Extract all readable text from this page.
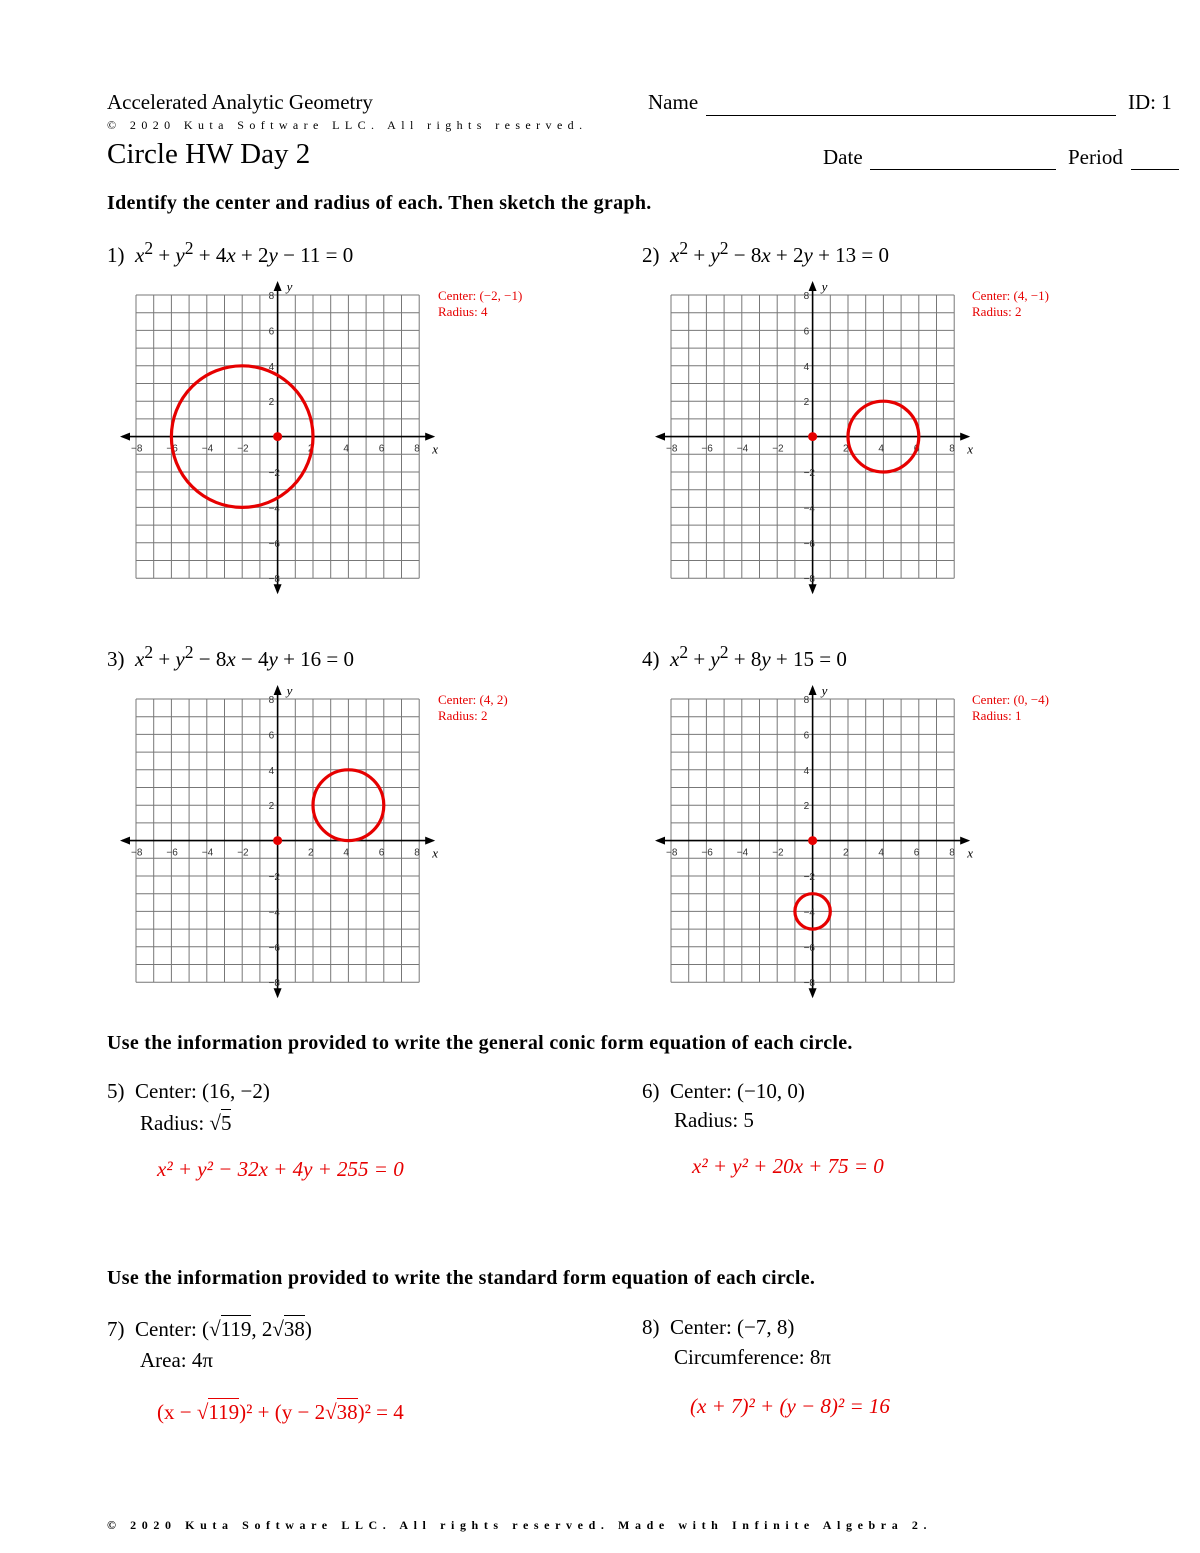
Accelerated Analytic Geometry
© 2020 Kuta Software LLC. All rights reserved.
Circle HW Day 2
Name	ID: 1
Date	Period
Identify the center and radius of each. Then sketch the graph.
1) $x^2 + y^2 + 4x + 2y - 11 = 0$	2) $x^2 + y^2 - 8x + 2y + 13 = 0$
3) $x^2 + y^2 - 8x - 4y + 16 = 0$	4) $x^2 + y^2 + 8y + 15 = 0$
Center: (−2, −1)
Radius: 4
Center: (4, −1)
Radius: 2
Center: (4, 2)
Radius: 2
Center: (0, −4)
Radius: 1
x
y
−8
−8
−6
−6
−4
−4
−2
−2
2
2
4
4
6
6
8
8
x
y
−8
−8
−6
−6
−4
−4
−2
−2
2
2
4
4
6
6
8
8
x
y
−8
−8
−6
−6
−4
−4
−2
−2
2
2
4
4
6
6
8
8
x
y
−8
−8
−6
−6
−4
−4
−2
−2
2
2
4
4
6
6
8
8
Use the information provided to write the general conic form equation of each circle.
5) Center: (16, −2)
Radius: √5
x² + y² − 32x + 4y + 255 = 0
6) Center: (−10, 0)
Radius: 5
x² + y² + 20x + 75 = 0
Use the information provided to write the standard form equation of each circle.
7) Center: (√119, 2√38)
Area: 4π
(x − √119)² + (y − 2√38)² = 4
8) Center: (−7, 8)
Circumference: 8π
(x + 7)² + (y − 8)² = 16
© 2020 Kuta Software LLC. All rights reserved. Made with Infinite Algebra 2.
